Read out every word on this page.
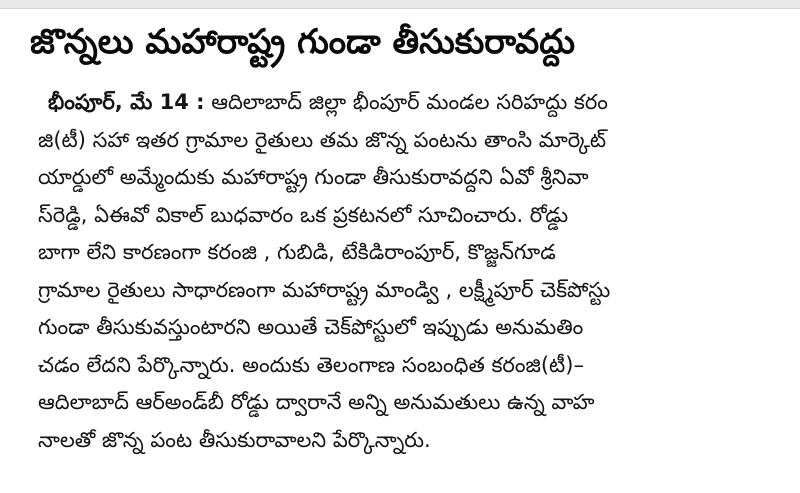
జొన్నలు మహారాష్ట్ర గుండా తీసుకురావద్దు
భీంపూర్, మే 14 : ఆదిలాబాద్ జిల్లా భీంపూర్ మండల సరిహద్దు కరం
జి(టీ) సహా ఇతర గ్రామాల రైతులు తమ జొన్న పంటను తాంసి మార్కెట్
యార్డులో అమ్మేందుకు మహారాష్ట్ర గుండా తీసుకురావద్దని ఏవో శ్రీనివా
స్‌రెడ్డి, ఏఈవో వికాల్ బుధవారం ఒక ప్రకటనలో సూచించారు. రోడ్డు
బాగా లేని కారణంగా కరంజి , గుబిడి, టేకిడిరాంపూర్, కొజ్జన్‌గూడ
గ్రామాల రైతులు సాధారణంగా మహారాష్ట్ర మాండ్వి , లక్ష్మీపూర్ చెక్‌పోస్టు
గుండా తీసుకువస్తుంటారని అయితే చెక్‌పోస్టులో ఇప్పుడు అనుమతిం
చడం లేదని పేర్కొన్నారు. అందుకు తెలంగాణ సంబంధిత కరంజి(టీ)–
ఆదిలాబాద్ ఆర్‌అండ్‌బీ రోడ్డు ద్వారానే అన్ని అనుమతులు ఉన్న వాహ
నాలతో జొన్న పంట తీసుకురావాలని పేర్కొన్నారు.
